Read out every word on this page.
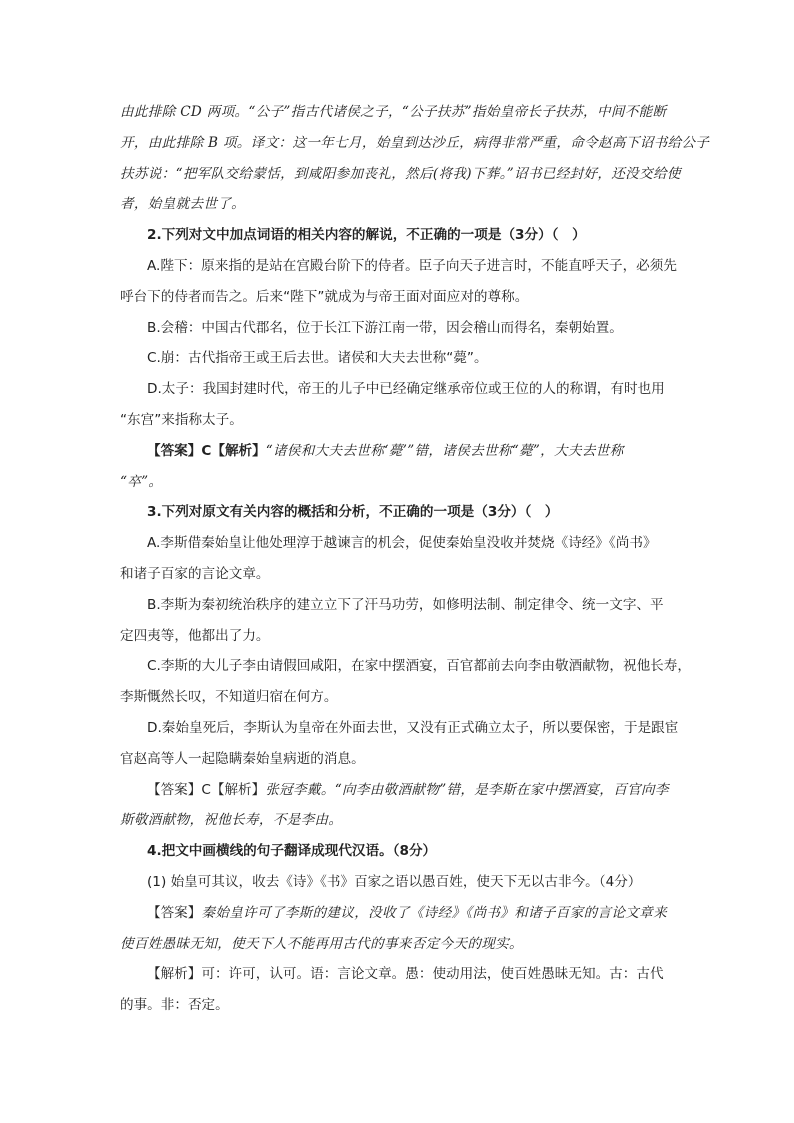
由此排除 CD 两项。“公子”指古代诸侯之子，“公子扶苏”指始皇帝长子扶苏，中间不能断
开，由此排除 B 项。译文：这一年七月，始皇到达沙丘，病得非常严重，命令赵高下诏书给公子
扶苏说：“把军队交给蒙恬，到咸阳参加丧礼，然后(将我)下葬。”诏书已经封好，还没交给使
者，始皇就去世了。
2.下列对文中加点词语的相关内容的解说，不正确的一项是（3分）（　）
A.陛下：原来指的是站在宫殿台阶下的侍者。臣子向天子进言时，不能直呼天子，必须先
呼台下的侍者而告之。后来“陛下”就成为与帝王面对面应对的尊称。
B.会稽：中国古代郡名，位于长江下游江南一带，因会稽山而得名，秦朝始置。
C.崩：古代指帝王或王后去世。诸侯和大夫去世称“薨”。
D.太子：我国封建时代，帝王的儿子中已经确定继承帝位或王位的人的称谓，有时也用
“东宫”来指称太子。
【答案】C【解析】“诸侯和大夫去世称‘薨’”错，诸侯去世称“薨”，大夫去世称
“卒”。
3.下列对原文有关内容的概括和分析，不正确的一项是（3分）（　）
A.李斯借秦始皇让他处理淳于越谏言的机会，促使秦始皇没收并焚烧《诗经》《尚书》
和诸子百家的言论文章。
B.李斯为秦初统治秩序的建立立下了汗马功劳，如修明法制、制定律令、统一文字、平
定四夷等，他都出了力。
C.李斯的大儿子李由请假回咸阳，在家中摆酒宴，百官都前去向李由敬酒献物，祝他长寿，
李斯慨然长叹，不知道归宿在何方。
D.秦始皇死后，李斯认为皇帝在外面去世，又没有正式确立太子，所以要保密，于是跟宦
官赵高等人一起隐瞒秦始皇病逝的消息。
【答案】C【解析】张冠李戴。“向李由敬酒献物”错，是李斯在家中摆酒宴，百官向李
斯敬酒献物，祝他长寿，不是李由。
4.把文中画横线的句子翻译成现代汉语。（8分）
(1) 始皇可其议，收去《诗》《书》百家之语以愚百姓，使天下无以古非今。（4分）
【答案】秦始皇许可了李斯的建议，没收了《诗经》《尚书》和诸子百家的言论文章来
使百姓愚昧无知，使天下人不能再用古代的事来否定今天的现实。
【解析】可：许可，认可。语：言论文章。愚：使动用法，使百姓愚昧无知。古：古代
的事。非：否定。
